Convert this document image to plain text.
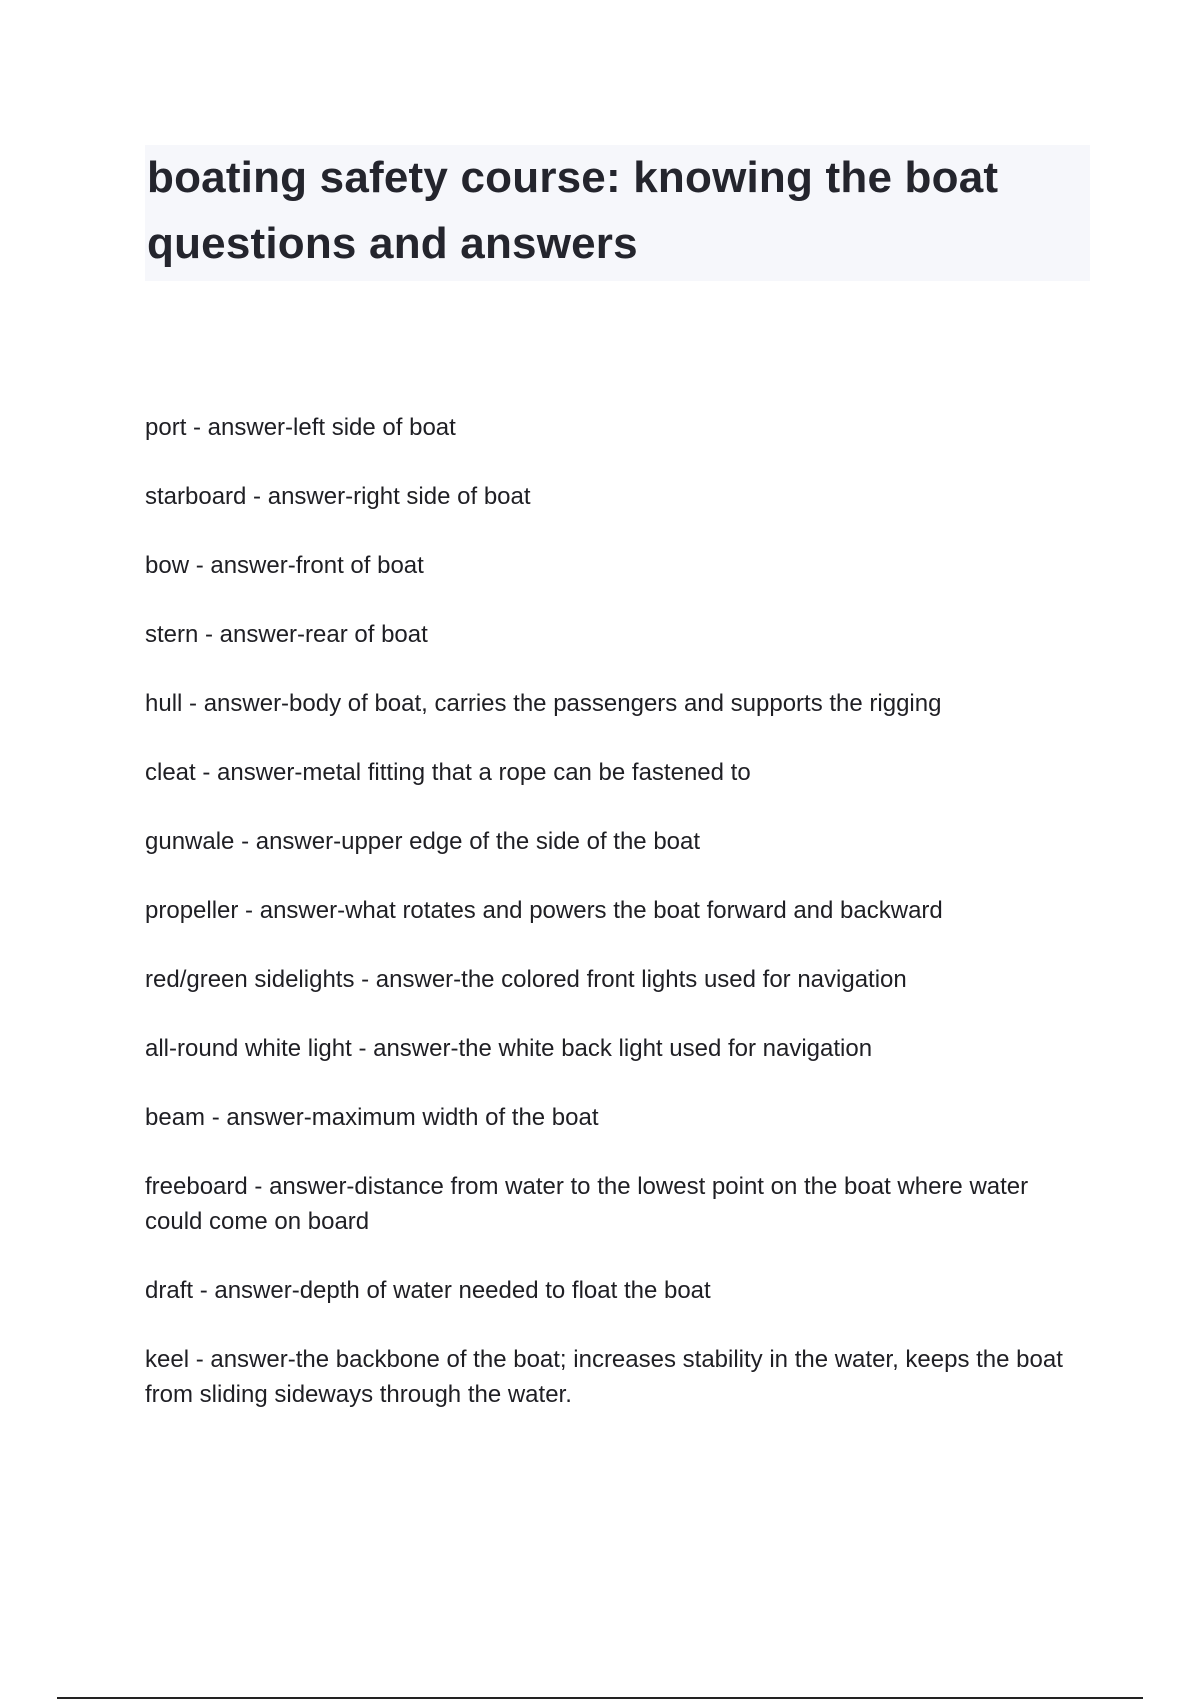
boating safety course: knowing the boat questions and answers
port - answer-left side of boat
starboard - answer-right side of boat
bow - answer-front of boat
stern - answer-rear of boat
hull - answer-body of boat, carries the passengers and supports the rigging
cleat - answer-metal fitting that a rope can be fastened to
gunwale - answer-upper edge of the side of the boat
propeller - answer-what rotates and powers the boat forward and backward
red/green sidelights - answer-the colored front lights used for navigation
all-round white light - answer-the white back light used for navigation
beam - answer-maximum width of the boat
freeboard - answer-distance from water to the lowest point on the boat where water could come on board
draft - answer-depth of water needed to float the boat
keel - answer-the backbone of the boat; increases stability in the water, keeps the boat from sliding sideways through the water.
